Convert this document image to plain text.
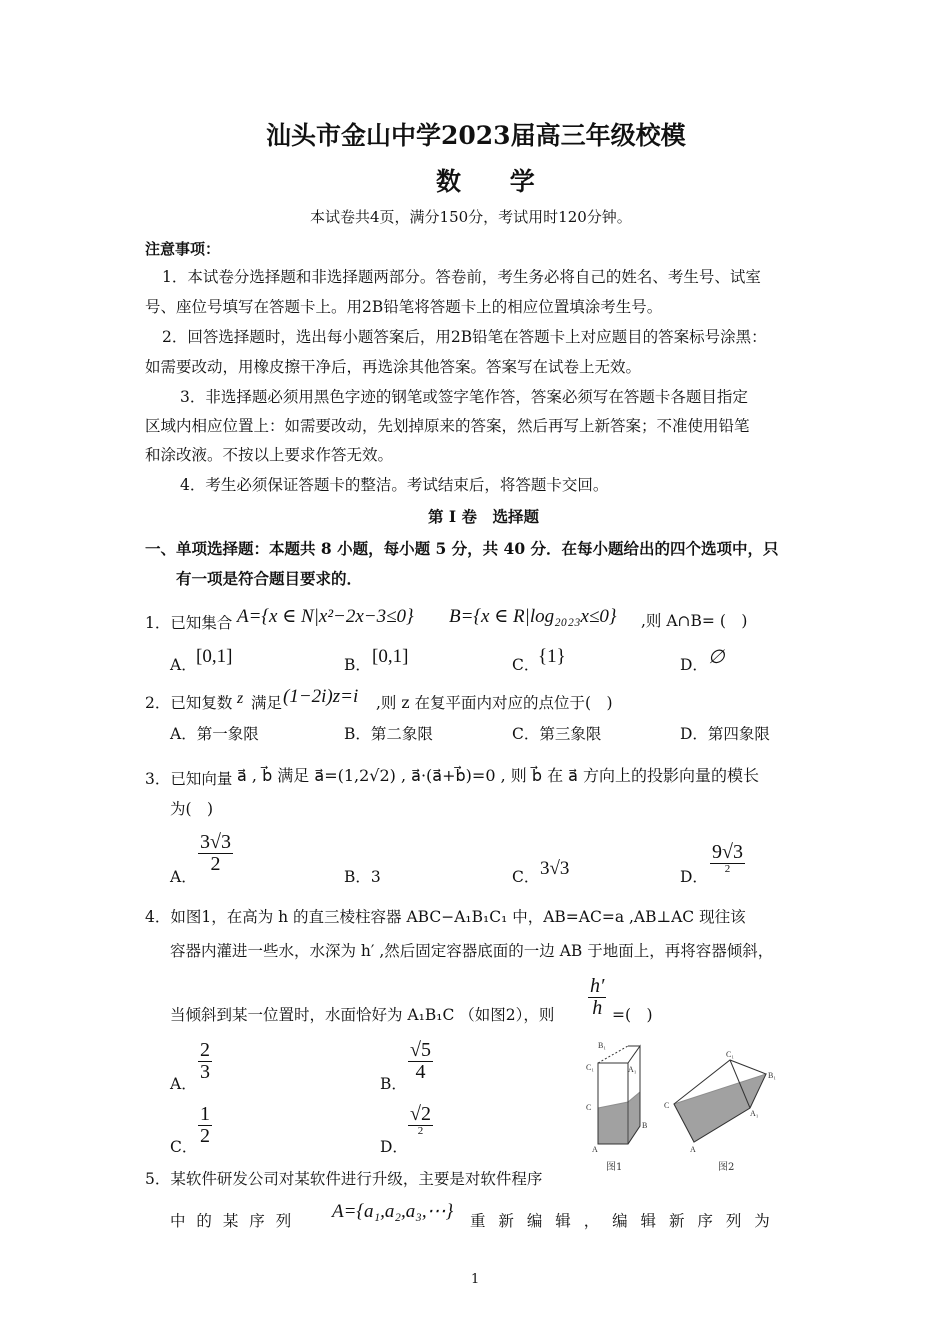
汕头市金山中学2023届高三年级校模
数 学
本试卷共4页，满分150分，考试用时120分钟。
注意事项：
1．本试卷分选择题和非选择题两部分。答卷前，考生务必将自己的姓名、考生号、试室
号、座位号填写在答题卡上。用2B铅笔将答题卡上的相应位置填涂考生号。
2．回答选择题时，选出每小题答案后，用2B铅笔在答题卡上对应题目的答案标号涂黑：
如需要改动，用橡皮擦干净后，再选涂其他答案。答案写在试卷上无效。
3．非选择题必须用黑色字迹的钢笔或签字笔作答，答案必须写在答题卡各题目指定
区域内相应位置上：如需要改动，先划掉原来的答案，然后再写上新答案；不准使用铅笔
和涂改液。不按以上要求作答无效。
4．考生必须保证答题卡的整洁。考试结束后，将答题卡交回。
第 I 卷　选择题
一、单项选择题：本题共 8 小题，每小题 5 分，共 40 分．在每小题给出的四个选项中，只
有一项是符合题目要求的．
1．已知集合 A={x ∈ N|x²−2x−3≤0} B={x ∈ R|log₂₀₂₃x≤0} ,则 A∩B= (　)
A． [0,1]	B． [0,1]	C．
{1}	D． ∅
2．已知复数 z 满足 (1−2i)z=i ,则 z 在复平面内对应的点位于(　)
A．第一象限	B．第二象限	C．第三象限	D．第四象限
3．已知向量 a⃗ , b⃗ 满足 a⃗=(1,2√2) , a⃗·(a⃗+b⃗)=0 , 则 b⃗ 在 a⃗ 方向上的投影向量的模长
为(　)
A．
$\frac{3√3}{2}$
B．3	C． 3√3	D．
9√3
2
4．如图1，在高为 h 的直三棱柱容器 ABC−A₁B₁C₁ 中，AB=AC=a ,AB⊥AC 现往该
容器内灌进一些水，水深为 h′ ,然后固定容器底面的一边 AB 于地面上，再将容器倾斜，
当倾斜到某一位置时，水面恰好为 A₁B₁C （如图2），则 $\frac{h'}{h}$ =(　)
A．
$\frac{2}{3}$
B．
$\frac{√5}{4}$
C． $\frac{1}{2}$	D．
√2
2
B₁
C₁	A₁
C
B
A
C₁
B₁
C
A₁
A
图1	图2
5．某软件研发公司对某软件进行升级，主要是对软件程序
中 的 某 序 列 A={a₁,a₂,a₃,⋯} 重 新 编 辑 ， 编 辑 新 序 列 为
1
